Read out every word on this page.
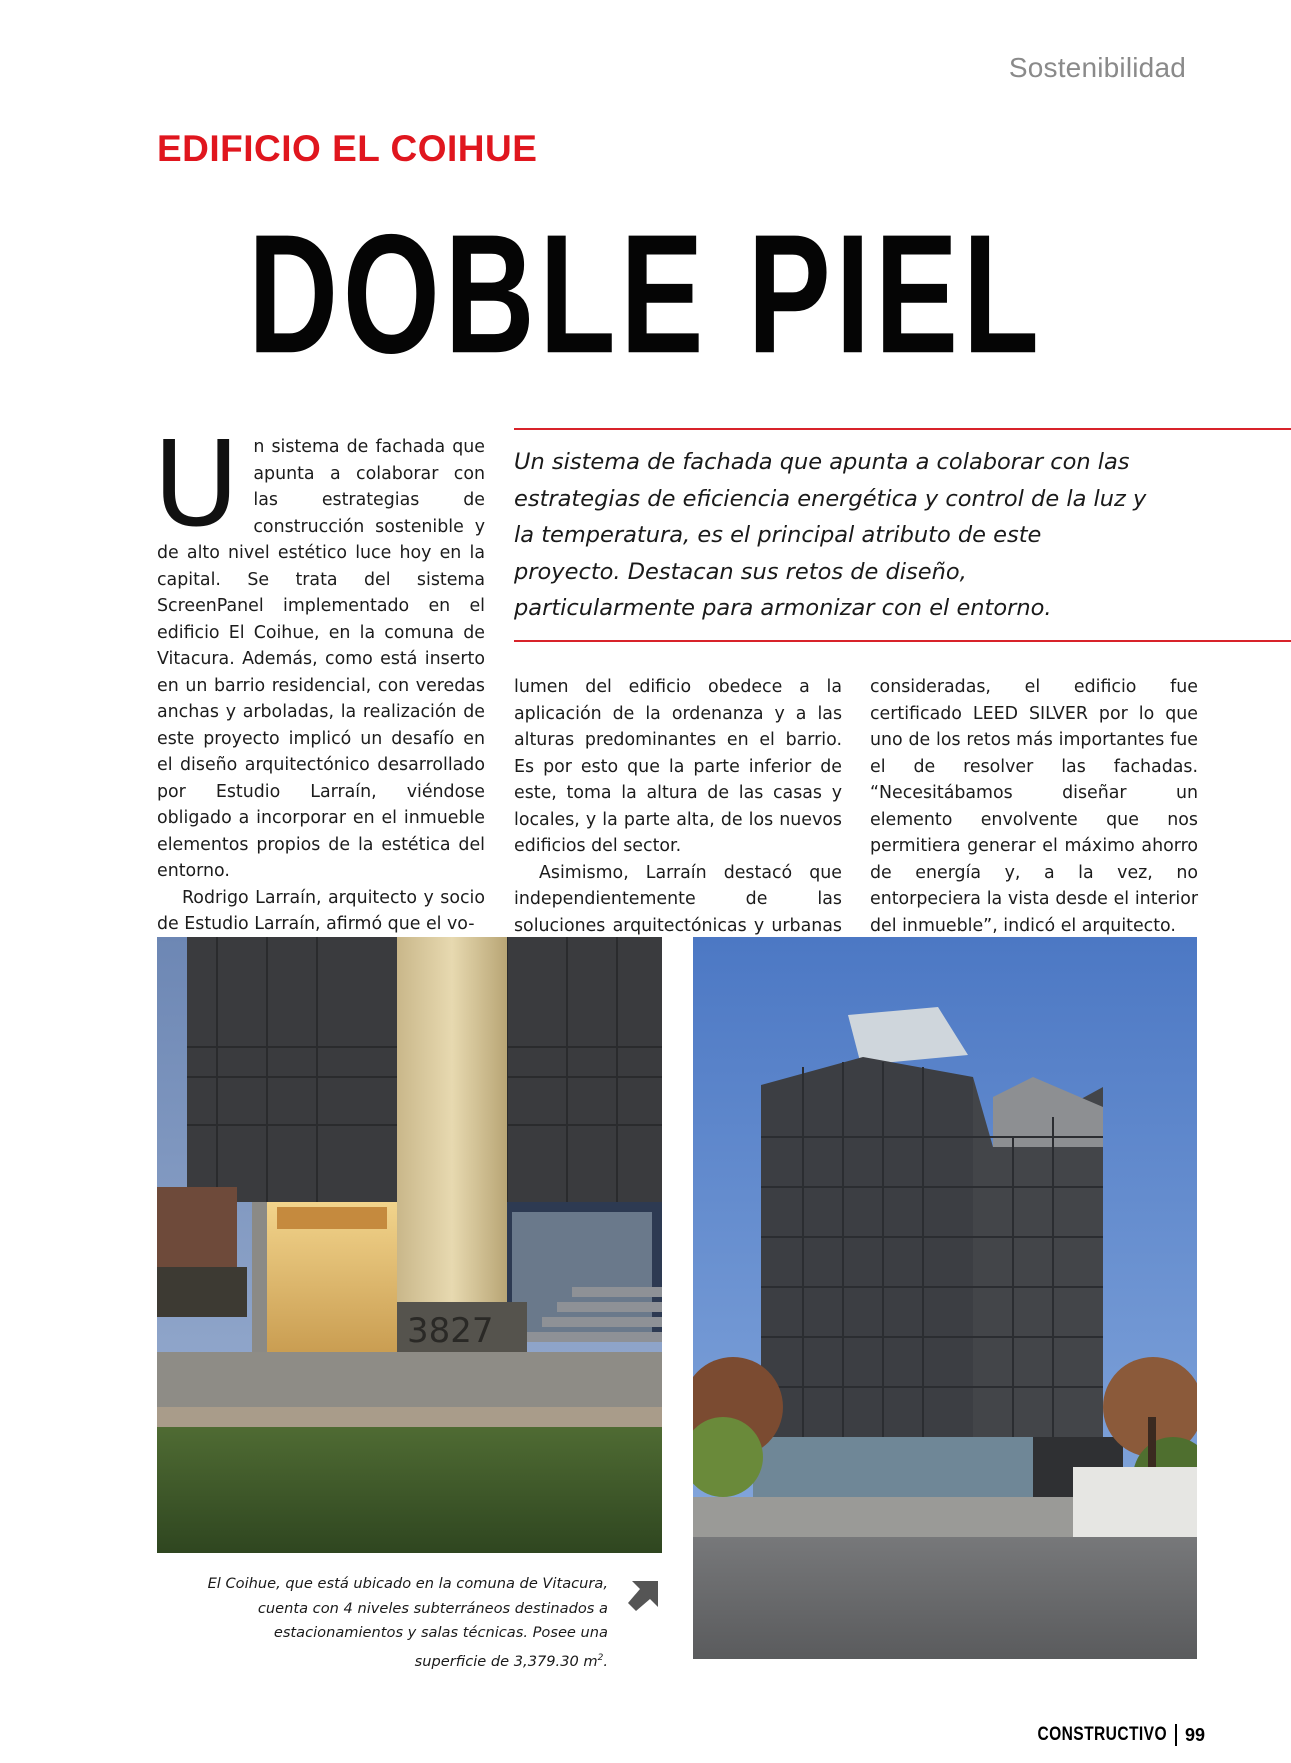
Sostenibilidad
EDIFICIO EL COIHUE
DOBLE PIEL
Un sistema de fachada que apunta a colaborar con las estrategias de eficiencia energética y control de la luz y la temperatura, es el principal atributo de este proyecto. Destacan sus retos de diseño, particularmente para armonizar con el entorno.

Un sistema de fachada que apunta a colaborar con las estrategias de construcción sostenible y de alto nivel estético luce hoy en la capital. Se trata del sistema ScreenPanel implementado en el edificio El Coihue, en la comuna de Vitacura. Además, como está inserto en un barrio residencial, con veredas anchas y arboladas, la realización de este proyecto implicó un desafío en el diseño arquitectónico desarrollado por Estudio Larraín, viéndose obligado a incorporar en el inmueble elementos propios de la estética del entorno.

Rodrigo Larraín, arquitecto y socio de Estudio Larraín, afirmó que el vo-

lumen del edificio obedece a la aplicación de la ordenanza y a las alturas predominantes en el barrio. Es por esto que la parte inferior de este, toma la altura de las casas y locales, y la parte alta, de los nuevos edificios del sector.

Asimismo, Larraín destacó que independientemente de las soluciones arquitectónicas y urbanas

consideradas, el edificio fue certificado LEED SILVER por lo que uno de los retos más importantes fue el de resolver las fachadas. “Necesitábamos diseñar un elemento envolvente que nos permitiera generar el máximo ahorro de energía y, a la vez, no entorpeciera la vista desde el interior del inmueble”, indicó el arquitecto.

3827
El Coihue, que está ubicado en la comuna de Vitacura, cuenta con 4 niveles subterráneos destinados a estacionamientos y salas técnicas. Posee una superficie de 3,379.30 $m^2$.
CONSTRUCTIVO 99
